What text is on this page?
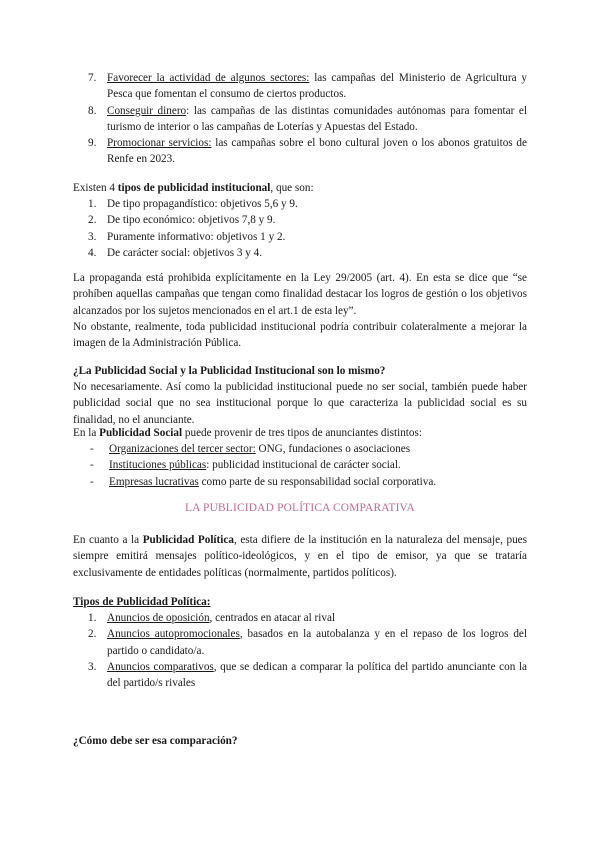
7. Favorecer la actividad de algunos sectores: las campañas del Ministerio de Agricultura y Pesca que fomentan el consumo de ciertos productos.
8. Conseguir dinero: las campañas de las distintas comunidades autónomas para fomentar el turismo de interior o las campañas de Loterías y Apuestas del Estado.
9. Promocionar servicios: las campañas sobre el bono cultural joven o los abonos gratuitos de Renfe en 2023.
Existen 4 tipos de publicidad institucional, que son:
1. De tipo propagandístico: objetivos 5,6 y 9.
2. De tipo económico: objetivos 7,8 y 9.
3. Puramente informativo: objetivos 1 y 2.
4. De carácter social: objetivos 3 y 4.
La propaganda está prohibida explícitamente en la Ley 29/2005 (art. 4). En esta se dice que “se prohíben aquellas campañas que tengan como finalidad destacar los logros de gestión o los objetivos alcanzados por los sujetos mencionados en el art.1 de esta ley”.
No obstante, realmente, toda publicidad institucional podría contribuir colateralmente a mejorar la imagen de la Administración Pública.
¿La Publicidad Social y la Publicidad Institucional son lo mismo?
No necesariamente. Así como la publicidad institucional puede no ser social, también puede haber publicidad social que no sea institucional porque lo que caracteriza la publicidad social es su finalidad, no el anunciante.
En la Publicidad Social puede provenir de tres tipos de anunciantes distintos:
- Organizaciones del tercer sector: ONG, fundaciones o asociaciones
- Instituciones públicas: publicidad institucional de carácter social.
- Empresas lucrativas como parte de su responsabilidad social corporativa.
LA PUBLICIDAD POLÍTICA COMPARATIVA
En cuanto a la Publicidad Política, esta difiere de la institución en la naturaleza del mensaje, pues siempre emitirá mensajes político-ideológicos, y en el tipo de emisor, ya que se trataría exclusivamente de entidades políticas (normalmente, partidos políticos).
Tipos de Publicidad Política:
1. Anuncios de oposición, centrados en atacar al rival
2. Anuncios autopromocionales, basados en la autobalanza y en el repaso de los logros del partido o candidato/a.
3. Anuncios comparativos, que se dedican a comparar la política del partido anunciante con la del partido/s rivales
¿Cómo debe ser esa comparación?
